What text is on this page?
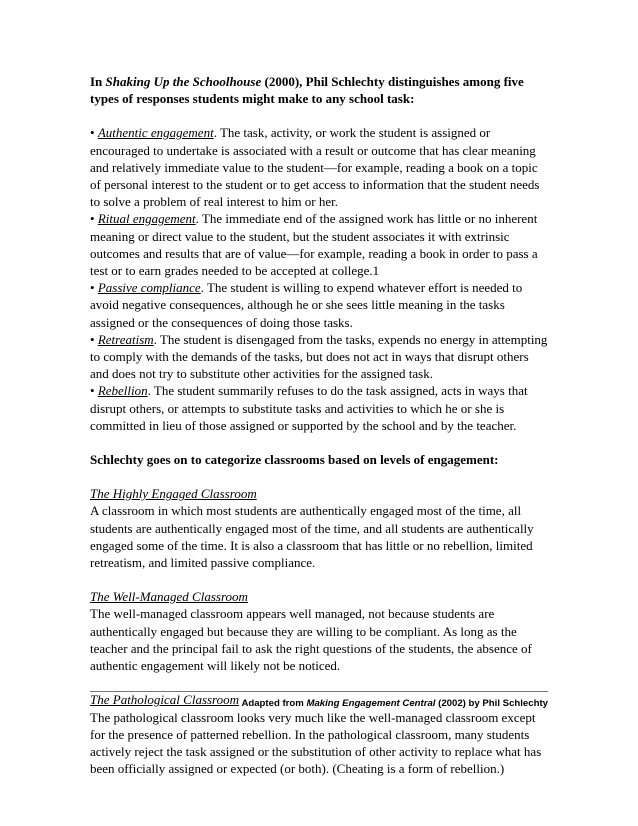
In Shaking Up the Schoolhouse (2000), Phil Schlechty distinguishes among five types of responses students might make to any school task:

• Authentic engagement. The task, activity, or work the student is assigned or encouraged to undertake is associated with a result or outcome that has clear meaning and relatively immediate value to the student—for example, reading a book on a topic of personal interest to the student or to get access to information that the student needs to solve a problem of real interest to him or her.

• Ritual engagement. The immediate end of the assigned work has little or no inherent meaning or direct value to the student, but the student associates it with extrinsic outcomes and results that are of value—for example, reading a book in order to pass a test or to earn grades needed to be accepted at college.1

• Passive compliance. The student is willing to expend whatever effort is needed to avoid negative consequences, although he or she sees little meaning in the tasks assigned or the consequences of doing those tasks.

• Retreatism. The student is disengaged from the tasks, expends no energy in attempting to comply with the demands of the tasks, but does not act in ways that disrupt others and does not try to substitute other activities for the assigned task.

• Rebellion. The student summarily refuses to do the task assigned, acts in ways that disrupt others, or attempts to substitute tasks and activities to which he or she is committed in lieu of those assigned or supported by the school and by the teacher.

Schlechty goes on to categorize classrooms based on levels of engagement:

The Highly Engaged Classroom

A classroom in which most students are authentically engaged most of the time, all students are authentically engaged most of the time, and all students are authentically engaged some of the time. It is also a classroom that has little or no rebellion, limited retreatism, and limited passive compliance.

The Well-Managed Classroom

The well-managed classroom appears well managed, not because students are authentically engaged but because they are willing to be compliant. As long as the teacher and the principal fail to ask the right questions of the students, the absence of authentic engagement will likely not be noticed.

The Pathological Classroom

The pathological classroom looks very much like the well-managed classroom except for the presence of patterned rebellion. In the pathological classroom, many students actively reject the task assigned or the substitution of other activity to replace what has been officially assigned or expected (or both). (Cheating is a form of rebellion.)

Adapted from Making Engagement Central (2002) by Phil Schlechty
